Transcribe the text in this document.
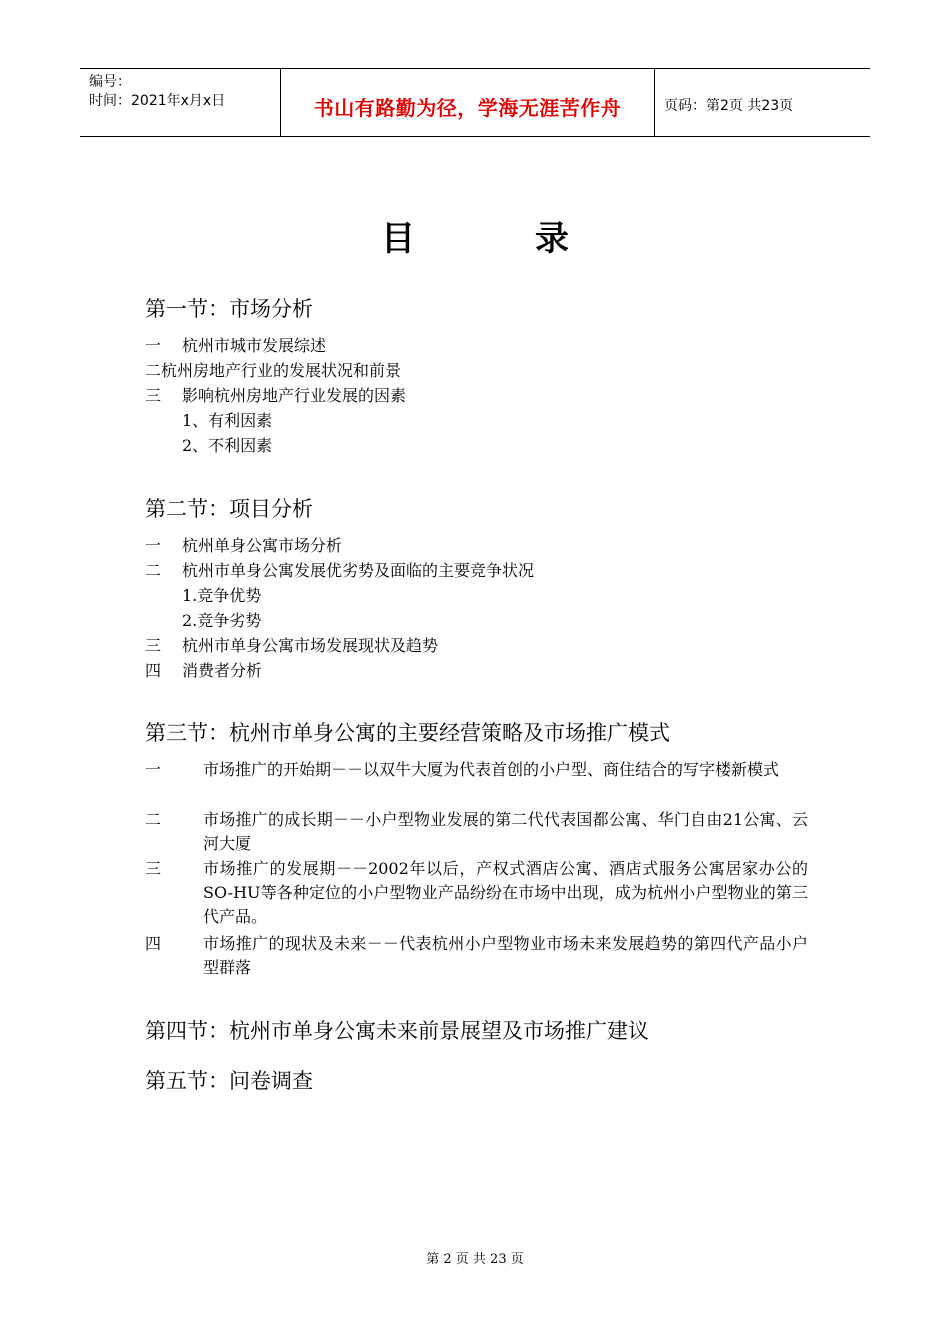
编号：
时间：2021年x月x日	书山有路勤为径，学海无涯苦作舟	页码：第2页 共23页
目	录
第一节：市场分析
一 杭州市城市发展综述
二杭州房地产行业的发展状况和前景
三 影响杭州房地产行业发展的因素
1、有利因素
2、不利因素
第二节：项目分析
一 杭州单身公寓市场分析
二 杭州市单身公寓发展优劣势及面临的主要竞争状况
1.竞争优势
2.竞争劣势
三 杭州市单身公寓市场发展现状及趋势
四 消费者分析
第三节：杭州市单身公寓的主要经营策略及市场推广模式
一	市场推广的开始期－－以双牛大厦为代表首创的小户型、商住结合的写字楼新模式
二	市场推广的成长期－－小户型物业发展的第二代代表国都公寓、华门自由21公寓、云河大厦
三	市场推广的发展期－－2002年以后，产权式酒店公寓、酒店式服务公寓居家办公的SO-HU等各种定位的小户型物业产品纷纷在市场中出现，成为杭州小户型物业的第三代产品。
四	市场推广的现状及未来－－代表杭州小户型物业市场未来发展趋势的第四代产品小户型群落
第四节：杭州市单身公寓未来前景展望及市场推广建议
第五节：问卷调查
第 2 页 共 23 页
